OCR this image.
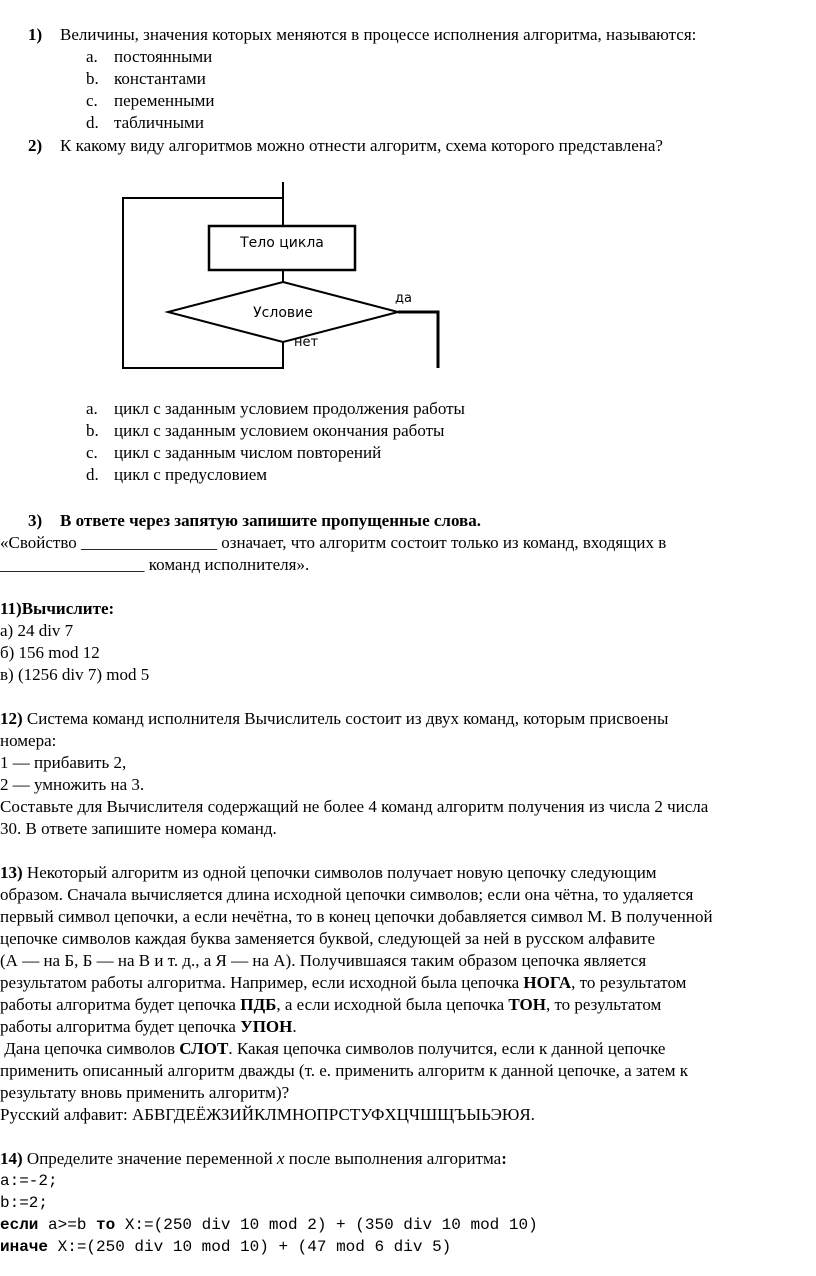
1) Величины, значения которых меняются в процессе исполнения алгоритма, называются:
a. постоянными
b. константами
c. переменными
d. табличными
2) К какому виду алгоритмов можно отнести алгоритм, схема которого представлена?
Тело цикла
Условие
да
нет
a. цикл с заданным условием продолжения работы
b. цикл с заданным условием окончания работы
c. цикл с заданным числом повторений
d. цикл с предусловием
3) В ответе через запятую запишите пропущенные слова.
«Свойство ________________ означает, что алгоритм состоит только из команд, входящих в
_________________ команд исполнителя».
11)Вычислите:
а) 24 div 7
б) 156 mod 12
в) (1256 div 7) mod 5
12) Система команд исполнителя Вычислитель состоит из двух команд, которым присвоены
номера:
1 — прибавить 2,
2 — умножить на 3.
Составьте для Вычислителя содержащий не более 4 команд алгоритм получения из числа 2 числа
30. В ответе запишите номера команд.
13) Некоторый алгоритм из одной цепочки символов получает новую цепочку следующим
образом. Сначала вычисляется длина исходной цепочки символов; если она чётна, то удаляется
первый символ цепочки, а если нечётна, то в конец цепочки добавляется символ М. В полученной
цепочке символов каждая буква заменяется буквой, следующей за ней в русском алфавите
(А — на Б, Б — на В и т. д., а Я — на А). Получившаяся таким образом цепочка является
результатом работы алгоритма. Например, если исходной была цепочка НОГА, то результатом
работы алгоритма будет цепочка ПДБ, а если исходной была цепочка ТОН, то результатом
работы алгоритма будет цепочка УПОН.
Дана цепочка символов СЛОТ. Какая цепочка символов получится, если к данной цепочке
применить описанный алгоритм дважды (т. е. применить алгоритм к данной цепочке, а затем к
результату вновь применить алгоритм)?
Русский алфавит: АБВГДЕЁЖЗИЙКЛМНОПРСТУФХЦЧШЩЪЫЬЭЮЯ.
14) Определите значение переменной x после выполнения алгоритма:
a:=-2;
b:=2;
если a>=b то X:=(250 div 10 mod 2) + (350 div 10 mod 10)
иначе X:=(250 div 10 mod 10) + (47 mod 6 div 5)
